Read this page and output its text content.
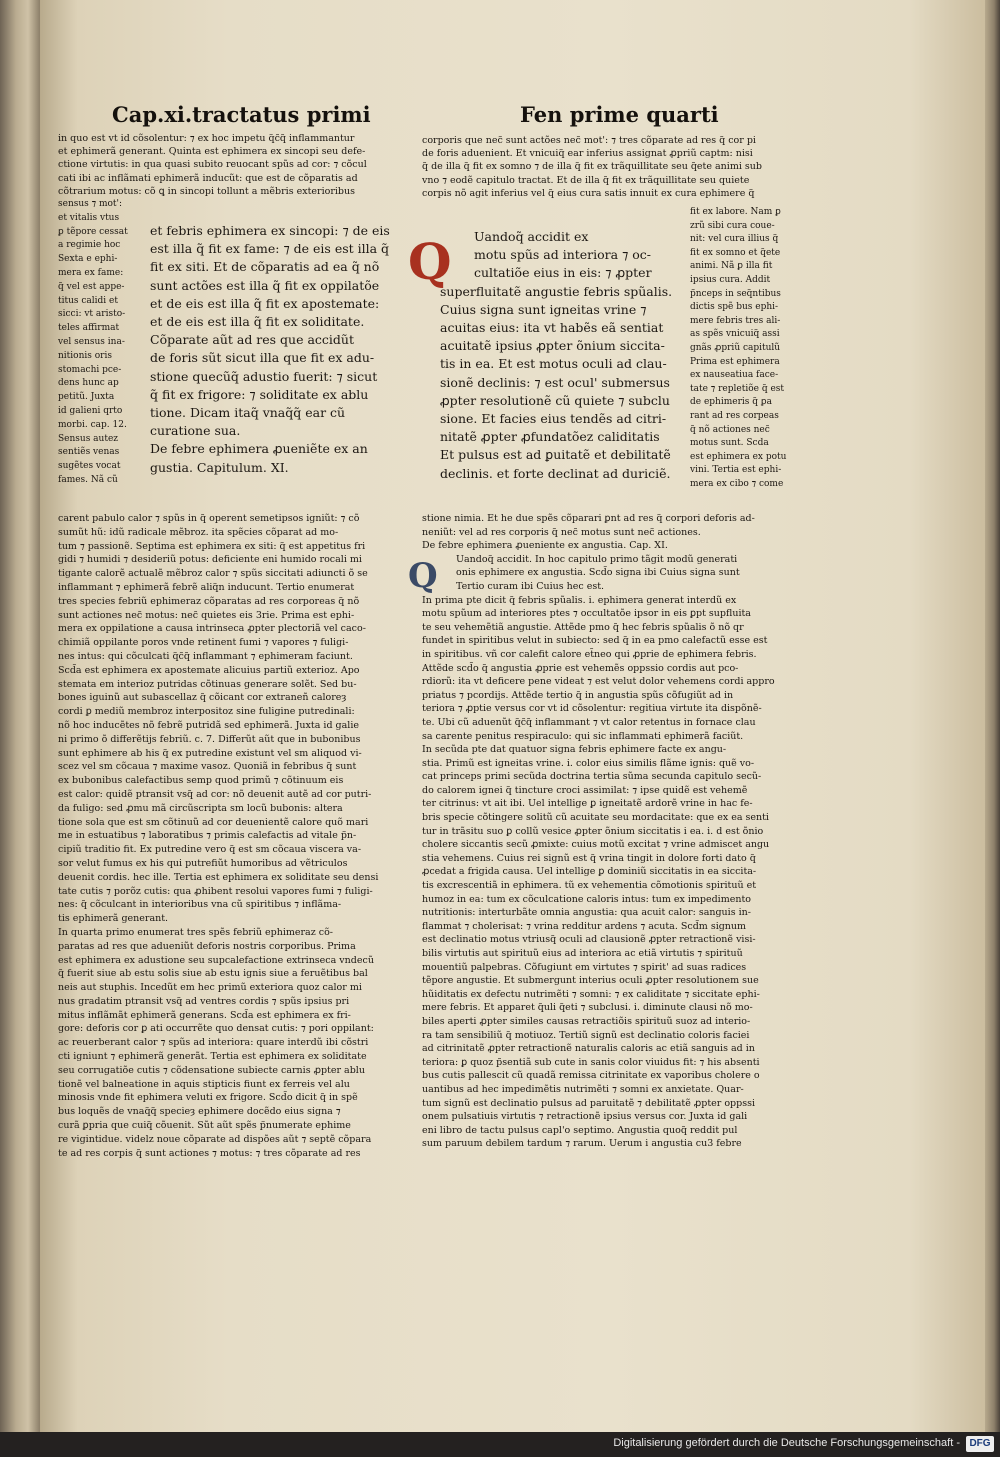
Cap.xi.tractatus primi	Fen prime quarti
in quo est vt id cõsolentur: ⁊ ex hoc impetu q̃c̃q̃ inflammantur
et ephimerã generant. Quinta est ephimera ex sincopi seu defe-
ctione virtutis: in qua quasi subito reuocant spũs ad cor: ⁊ cõcul
cati ibi ac inflãmati ephimerã inducũt: que est de cõparatis ad
cõtrarium motus: cõ ꝗ in sincopi tollunt a mẽbris exterioribus
sensus ⁊ mot':
et vitalis vtus
ꝑ tẽpore cessat
a regimie hoc
Sexta e ephi-
mera ex fame:
q̃ vel est appe-
titus calidi et
sicci: vt aristo-
teles affirmat
vel sensus ina-
nitionis oris
stomachi pce-
dens hunc ap
petitũ. Juxta
id galieni qrto
morbi. cap. 12.
Sensus autez
sentiẽs venas
sugẽtes vocat
fames. Nã cũ
et febris ephimera ex sincopi: ⁊ de eis
est illa q̃ fit ex fame: ⁊ de eis est illa q̃
fit ex siti. Et de cõparatis ad ea q̃ nõ
sunt actões est illa q̃ fit ex oppilatõe
et de eis est illa q̃ fit ex apostemate:
et de eis est illa q̃ fit ex soliditate.
Cõparate aũt ad res que accidũt
de foris sũt sicut illa que fit ex adu-
stione quecũq̃ adustio fuerit: ⁊ sicut
q̃ fit ex frigore: ⁊ soliditate ex ablu
tione. Dicam itaq̃ vnaq̃q̃ ear cũ
curatione sua.
De febre ephimera ꝓueniẽte ex an
gustia. Capitulum. XI.
corporis que nec̃ sunt actões nec̃ mot': ⁊ tres cõparate ad res q̃ cor pi
de foris aduenient. Et vnicuiq̃ ear inferius assignat ꝓpriũ captm: nisi
q̃ de illa q̃ fit ex somno ⁊ de illa q̃ fit ex trãquillitate seu q̃ete animi sub
vno ⁊ eodẽ capitulo tractat. Et de illa q̃ fit ex trãquillitate seu quiete
corpis nõ agit inferius vel q̃ eius cura satis innuit ex cura ephimere q̃
Q	Uandoq̃ accidit ex
motu spũs ad interiora ⁊ oc-
cultatiõe eius in eis: ⁊ ꝓpter
superfluitatẽ angustie febris spũalis.
Cuius signa sunt igneitas vrine ⁊
acuitas eius: ita vt habẽs eã sentiat
acuitatẽ ipsius ꝓpter õnium siccita-
tis in ea. Et est motus oculi ad clau-
sionẽ declinis: ⁊ est ocul' submersus
ꝓpter resolutionẽ cũ quiete ⁊ subclu
sione. Et facies eius tendẽs ad citri-
nitatẽ ꝓpter ꝓfundatõez caliditatis
Et pulsus est ad ꝑuitatẽ et debilitatẽ
declinis. et forte declinat ad duriciẽ.
fit ex labore. Nam ꝑ
zrũ sibi cura coue-
nit: vel cura illius q̃
fit ex somno et q̃ete
animi. Nã ꝑ illa fit
ipsius cura. Addit
p̃nceps in seq̃ntibus
dictis spẽ bus ephi-
mere febris tres ali-
as spẽs vnicuiq̃ assi
gnãs ꝓpriũ capitulũ
Prima est ephimera
ex nauseatiua face-
tate ⁊ repletiõe q̃ est
de ephimeris q̃ ꝑa
rant ad res corpeas
q̃ nõ actiones nec̃
motus sunt. Scd̃a
est ephimera ex potu
vini. Tertia est ephi-
mera ex cibo ⁊ come
carent pabulo calor ⁊ spũs in q̃ operent semetipsos igniũt: ⁊ cõ
sumũt hũ: idũ radicale mẽbroz. ita spẽcies cõparat ad mo-
tum ⁊ passionẽ. Septima est ephimera ex siti: q̃ est appetitus fri
gidi ⁊ humidi ⁊ desideriũ potus: deficiente eni humido rocali mi
tigante calorẽ actualẽ mẽbroz calor ⁊ spũs siccitati adiuncti õ se
inflammant ⁊ ephimerã febrẽ aliq̃n inducunt. Tertio enumerat
tres species febriũ ephimeraz cõparatas ad res corporeas q̃ nõ
sunt actiones nec̃ motus: nec̃ quietes eis 3rie. Prima est ephi-
mera ex oppilatione a causa intrinseca ꝓpter plectoriã vel caco-
chimiã oppilante poros vnde retinent fumi ⁊ vapores ⁊ fuligi-
nes intus: qui cõculcati q̃c̃q̃ inflammant ⁊ ephimeram faciunt.
Scd̃a est ephimera ex apostemate alicuius partiũ exterioz. Apo
stemata em interioz putridas cõtinuas generare solẽt. Sed bu-
bones iguinũ aut subascellaz q̃ cõicant cor extraneñ caloreȝ
cordi ꝑ mediũ membroz interpositoz sine fuligine putredinali:
nõ hoc inducẽtes nõ febrẽ putridã sed ephimerã. Juxta id galie
ni primo õ differẽtijs febriũ. c. 7. Differũt aũt que in bubonibus
sunt ephimere ab his q̃ ex putredine existunt vel sm aliquod vi-
scez vel sm cõcaua ⁊ maxime vasoz. Quoniã in febribus q̃ sunt
ex bubonibus calefactibus semp quod primũ ⁊ cõtinuum eis
est calor: quidẽ ptransit vsq̃ ad cor: nõ deuenit autẽ ad cor putri-
da fuligo: sed ꝓmu mã circũscripta sm locũ bubonis: altera
tione sola que est sm cõtinuũ ad cor deuenientẽ calore quõ mari
me in estuatibus ⁊ laboratibus ⁊ primis calefactis ad vitale p̃n-
cipiũ traditio fit. Ex putredine vero q̃ est sm cõcaua viscera va-
sor velut fumus ex his qui putrefiũt humoribus ad vẽtriculos
deuenit cordis. hec ille. Tertia est ephimera ex soliditate seu densi
tate cutis ⁊ porõz cutis: qua ꝓhibent resolui vapores fumi ⁊ fuligi-
nes: q̃ cõculcant in interioribus vna cũ spiritibus ⁊ inflãma-
tis ephimerã generant.
In quarta primo enumerat tres spẽs febriũ ephimeraz cõ-
paratas ad res que adueniũt deforis nostris corporibus. Prima
est ephimera ex adustione seu supcalefactione extrinseca vndecũ
q̃ fuerit siue ab estu solis siue ab estu ignis siue a feruẽtibus bal
neis aut stuphis. Incedũt em hec primũ exteriora quoz calor mi
nus gradatim ptransit vsq̃ ad ventres cordis ⁊ spũs ipsius pri
mitus inflãmãt ephimerã generans. Scd̃a est ephimera ex fri-
gore: deforis cor ꝑ ati occurrẽte quo densat cutis: ⁊ pori oppilant:
ac reuerberant calor ⁊ spũs ad interiora: quare interdũ ibi cõstri
cti igniunt ⁊ ephimerã generãt. Tertia est ephimera ex soliditate
seu corrugatiõe cutis ⁊ cõdensatione subiecte carnis ꝓpter ablu
tionẽ vel balneatione in aquis stipticis fiunt ex ferreis vel alu
minosis vnde fit ephimera veluti ex frigore. Scd̃o dicit q̃ in spẽ
bus loquẽs de vnaq̃q̃ specieȝ ephimere docẽdo eius signa ⁊
curã ꝑpria que cuiq̃ cõuenit. Sũt aũt spẽs p̃numerate ephime
re vigintidue. videlz noue cõparate ad dispões aũt ⁊ septẽ cõpara
te ad res corpis q̃ sunt actiones ⁊ motus: ⁊ tres cõparate ad res
Q
stione nimia. Et he due spẽs cõparari ꝑnt ad res q̃ corpori deforis ad-
neniũt: vel ad res corporis q̃ nec̃ motus sunt nec̃ actiones.
De febre ephimera ꝓueniente ex angustia. Cap. XI.
Uandoq̃ accidit. In hoc capitulo primo tãgit modũ generati
onis ephimere ex angustia. Scd̃o signa ibi Cuius signa sunt
Tertio curam ibi Cuius hec est.
In prima pte dicit q̃ febris spũalis. i. ephimera generat interdũ ex
motu spũum ad interiores ptes ⁊ occultatõe ipsor in eis ꝑpt supfluita
te seu vehemẽtiã angustie. Attẽde pmo q̃ hec febris spũalis õ nõ qr
fundet in spiritibus velut in subiecto: sed q̃ in ea pmo calefactũ esse est
in spiritibus. vñ cor calefit calore et̃neo qui ꝓprie de ephimera febris.
Attẽde scd̃o q̃ angustia ꝓprie est vehemẽs oppssio cordis aut pco-
rdiorũ: ita vt deficere pene videat ⁊ est velut dolor vehemens cordi appro
priatus ⁊ pcordijs. Attẽde tertio q̃ in angustia spũs cõfugiũt ad in
teriora ⁊ ꝓptie versus cor vt id cõsolentur: regitiua virtute ita dispõnẽ-
te. Ubi cũ aduenũt q̃c̃q̃ inflammant ⁊ vt calor retentus in fornace clau
sa carente penitus respiraculo: qui sic inflammati ephimerã faciũt.
In secũda pte dat quatuor signa febris ephimere facte ex angu-
stia. Primũ est igneitas vrine. i. color eius similis flãme ignis: quẽ vo-
cat princeps primi secũda doctrina tertia sũma secunda capitulo secũ-
do calorem ignei q̃ tincture croci assimilat: ⁊ ipse quidẽ est vehemẽ
ter citrinus: vt ait ibi. Uel intellige ꝑ igneitatẽ ardorẽ vrine in hac fe-
bris specie cõtingere solitũ cũ acuitate seu mordacitate: que ex ea senti
tur in trãsitu suo ꝑ collũ vesice ꝓpter õnium siccitatis i ea. i. d est õnio
cholere siccantis secũ ꝓmixte: cuius motũ excitat ⁊ vrine admiscet angu
stia vehemens. Cuius rei signũ est q̃ vrina tingit in dolore forti dato q̃
ꝓcedat a frigida causa. Uel intellige ꝑ dominiũ siccitatis in ea siccita-
tis excrescentiã in ephimera. tũ ex vehementia cõmotionis spirituũ et
humoz in ea: tum ex cõculcatione caloris intus: tum ex impedimento
nutritionis: interturbãte omnia angustia: qua acuit calor: sanguis in-
flammat ⁊ cholerisat: ⁊ vrina redditur ardens ⁊ acuta. Scd̃m signum
est declinatio motus vtriusq̃ oculi ad clausionẽ ꝓpter retractionẽ visi-
bilis virtutis aut spirituũ eius ad interiora ac etiã virtutis ⁊ spirituũ
mouentiũ palpebras. Cõfugiunt em virtutes ⁊ spirit' ad suas radices
tẽpore angustie. Et submergunt interius oculi ꝓpter resolutionem sue
hũiditatis ex defectu nutrimẽti ⁊ somni: ⁊ ex caliditate ⁊ siccitate ephi-
mere febris. Et apparet q̃uli q̃eti ⁊ subclusi. i. diminute clausi nõ mo-
biles aperti ꝓpter similes causas retractiõis spirituũ suoz ad interio-
ra tam sensibiliũ q̃ motiuoz. Tertiũ signũ est declinatio coloris faciei
ad citrinitatẽ ꝓpter retractionẽ naturalis caloris ac etiã sanguis ad in
teriora: ꝑ quoz p̃sentiã sub cute in sanis color viuidus fit: ⁊ his absenti
bus cutis pallescit cũ quadã remissa citrinitate ex vaporibus cholere o
uantibus ad hec impedimẽtis nutrimẽti ⁊ somni ex anxietate. Quar-
tum signũ est declinatio pulsus ad paruitatẽ ⁊ debilitatẽ ꝓpter oppssi
onem pulsatiuis virtutis ⁊ retractionẽ ipsius versus cor. Juxta id gali
eni libro de tactu pulsus capl'o septimo. Angustia quoq̃ reddit pul
sum paruum debilem tardum ⁊ rarum. Uerum i angustia cu3 febre
Digitalisierung gefördert durch die Deutsche Forschungsgemeinschaft - DFG
